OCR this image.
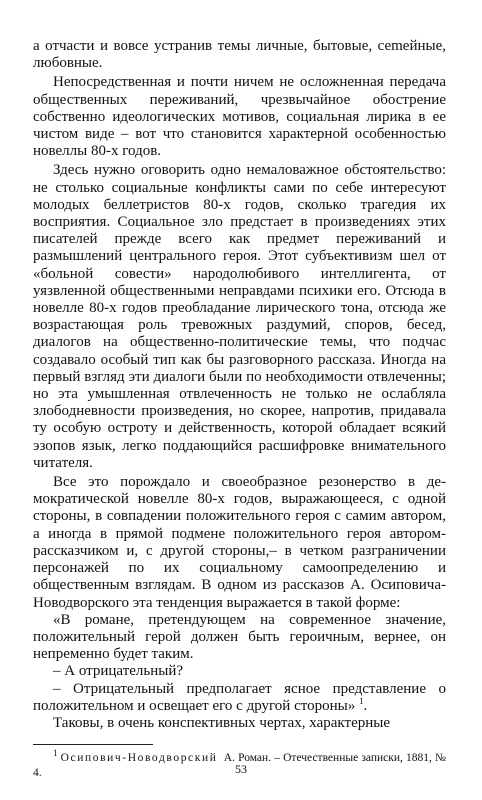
а отчасти и вовсе устранив темы личные, бытовые, сеmейные, любовные.

Непосредственная и почти ничем не осложненная передача общественных переживаний, чрезвычайное обострение собственно идеологических мотивов, социальная лирика в ее чистом виде – вот что становится характерной особенностью новеллы 80-х годов.

Здесь нужно оговорить одно немаловажное обстоятельство: не столько социальные конфликты сами по себе интересуют молодых беллетристов 80-х годов, сколько трагедия их восприятия. Социальное зло предстает в произведениях этих писателей прежде всего как предмет переживаний и размышлений центрального героя. Этот субъективизм шел от «больной совести» народолюбивого интеллигента, от уязвленной общественными неправдами психики его. Отсюда в новелле 80-х годов преобладание лирического тона, отсюда же возрастающая роль тревожных раздумий, споров, бесед, диалогов на общественно-политические темы, что подчас создавало особый тип как бы разговорного рассказа. Иногда на первый взгляд эти диалоги были по необходимости отвлеченны; но эта умышленная отвлеченность не только не ослабляла злободневности произведения, но скорее, напротив, придавала ту особую остроту и действенность, которой обладает всякий эзопов язык, легко поддающийся расшифровке внимательного читателя.

Все это порождало и своеобразное резонерство в демократической новелле 80-х годов, выражающееся, с одной стороны, в совпадении положительного героя с самим автором, а иногда в прямой подмене положительного героя автором-рассказчиком и, с другой стороны,– в четком разграничении персонажей по их социальному самоопределению и общественным взглядам. В одном из рассказов А. Осиповича-Новодворского эта тенденция выражается в такой форме:

«В романе, претендующем на современное значение, положительный герой должен быть героичным, вернее, он непременно будет таким.

– А отрицательный?

– Отрицательный предполагает ясное представление о положительном и освещает его с другой стороны» $^1$.

Таковы, в очень конспективных чертах, характерные

$^1$ Осипович-Новодворский А. Роман. – Отечественные записки, 1881, № 4.	53
